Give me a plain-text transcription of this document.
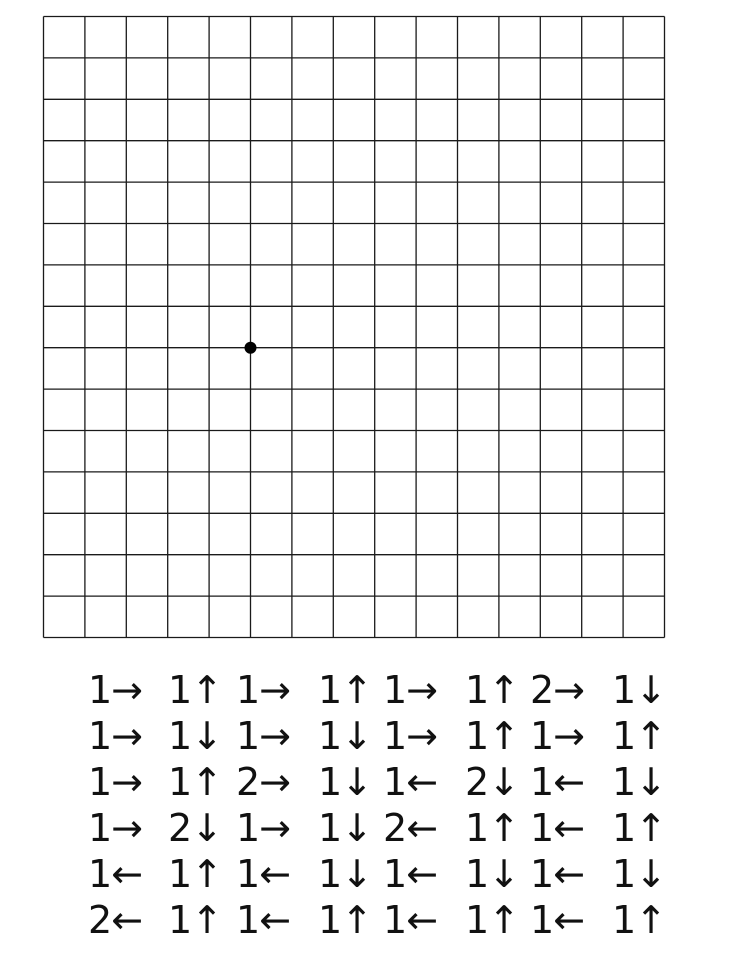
1→ 1↑ 1→ 1↑ 1→ 1↑ 2→ 1↓
1→ 1↓ 1→ 1↓ 1→ 1↑ 1→ 1↑
1→ 1↑ 2→ 1↓ 1← 2↓ 1← 1↓
1→ 2↓ 1→ 1↓ 2← 1↑ 1← 1↑
1← 1↑ 1← 1↓ 1← 1↓ 1← 1↓
2← 1↑ 1← 1↑ 1← 1↑ 1← 1↑
